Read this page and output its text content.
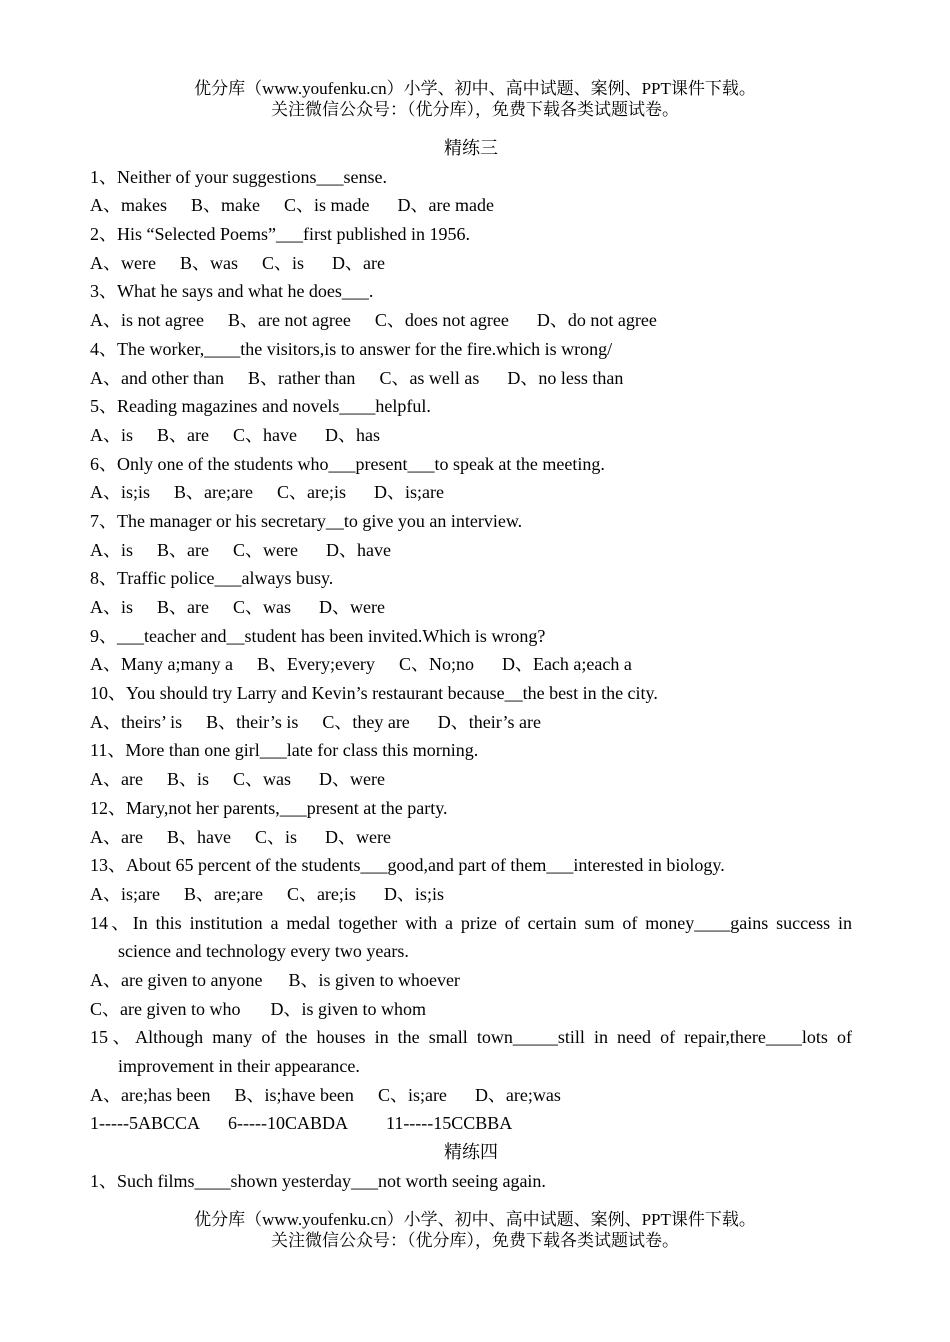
优分库（www.youfenku.cn）小学、初中、高中试题、案例、PPT课件下载。
关注微信公众号：（优分库），免费下载各类试题试卷。
精练三
1、Neither of your suggestions___sense.
A、makes B、make C、is made D、are made
2、His “Selected Poems”___first published in 1956.
A、were B、was C、is D、are
3、What he says and what he does___.
A、is not agree B、are not agree C、does not agree D、do not agree
4、The worker,____the visitors,is to answer for the fire.which is wrong/
A、and other than B、rather than C、as well as D、no less than
5、Reading magazines and novels____helpful.
A、is B、are C、have D、has
6、Only one of the students who___present___to speak at the meeting.
A、is;is B、are;are C、are;is D、is;are
7、The manager or his secretary__to give you an interview.
A、is B、are C、were D、have
8、Traffic police___always busy.
A、is B、are C、was D、were
9、___teacher and__student has been invited.Which is wrong?
A、Many a;many a B、Every;every C、No;no D、Each a;each a
10、You should try Larry and Kevin’s restaurant because__the best in the city.
A、theirs’ is B、their’s is C、they are D、their’s are
11、More than one girl___late for class this morning.
A、are B、is C、was D、were
12、Mary,not her parents,___present at the party.
A、are B、have C、is D、were
13、About 65 percent of the students___good,and part of them___interested in biology.
A、is;are B、are;are C、are;is D、is;is
14、In this institution a medal together with a prize of certain sum of money____gains success in
science and technology every two years.
A、are given to anyone B、is given to whoever
C、are given to who D、is given to whom
15、Although many of the houses in the small town_____still in need of repair,there____lots of
improvement in their appearance.
A、are;has been B、is;have been C、is;are D、are;was
1-----5ABCCA 6-----10CABDA 11-----15CCBBA
精练四
1、Such films____shown yesterday___not worth seeing again.
优分库（www.youfenku.cn）小学、初中、高中试题、案例、PPT课件下载。
关注微信公众号：（优分库），免费下载各类试题试卷。
